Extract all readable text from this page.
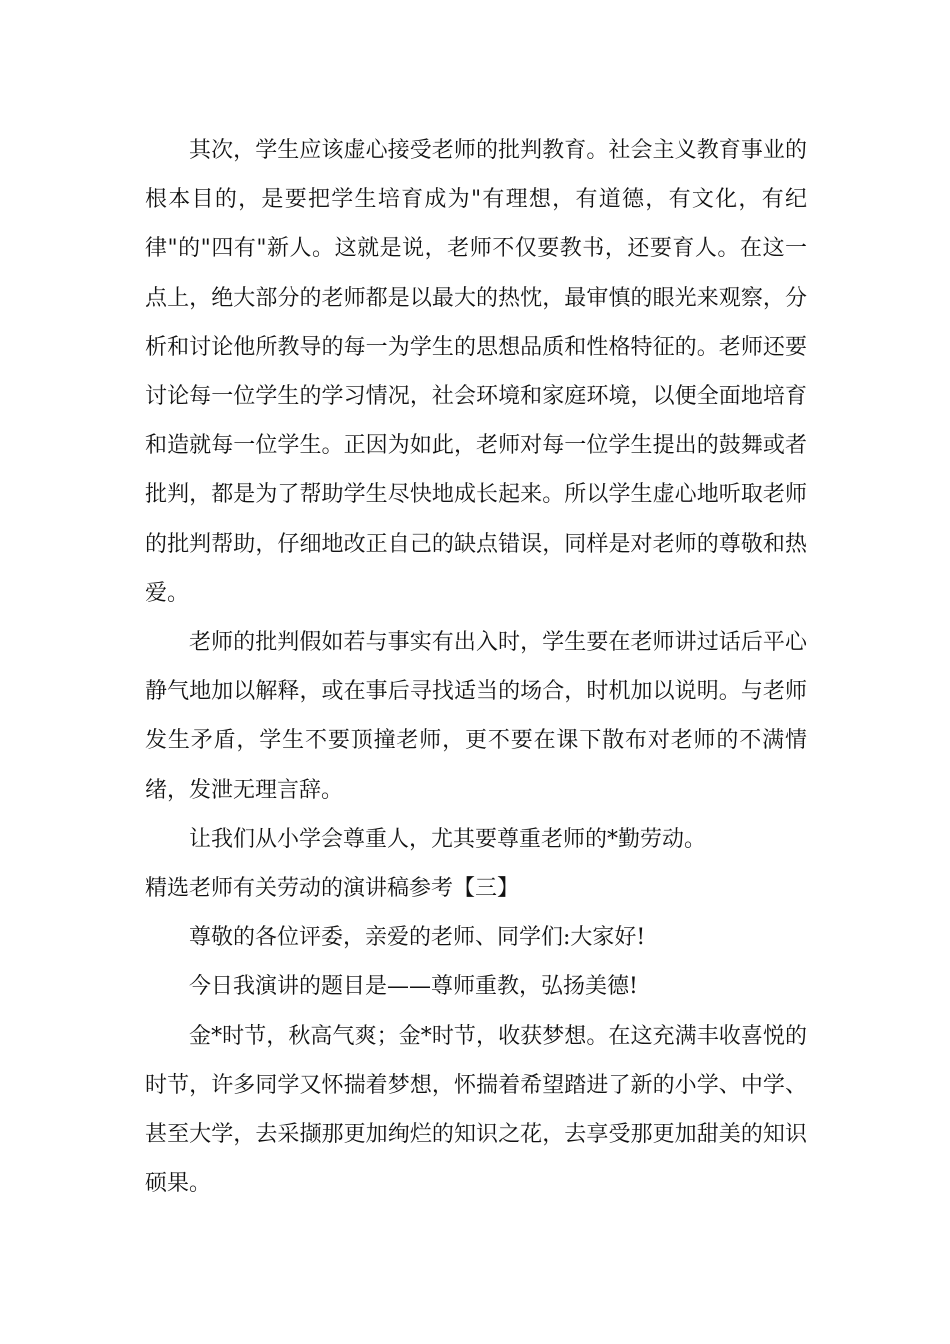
其次，学生应该虚心接受老师的批判教育。社会主义教育事业的根本目的，是要把学生培育成为"有理想，有道德，有文化，有纪律"的"四有"新人。这就是说，老师不仅要教书，还要育人。在这一点上，绝大部分的老师都是以最大的热忱，最审慎的眼光来观察，分析和讨论他所教导的每一为学生的思想品质和性格特征的。老师还要讨论每一位学生的学习情况，社会环境和家庭环境，以便全面地培育和造就每一位学生。正因为如此，老师对每一位学生提出的鼓舞或者批判，都是为了帮助学生尽快地成长起来。所以学生虚心地听取老师的批判帮助，仔细地改正自己的缺点错误，同样是对老师的尊敬和热爱。

老师的批判假如若与事实有出入时，学生要在老师讲过话后平心静气地加以解释，或在事后寻找适当的场合，时机加以说明。与老师发生矛盾，学生不要顶撞老师，更不要在课下散布对老师的不满情绪，发泄无理言辞。

让我们从小学会尊重人，尤其要尊重老师的*勤劳动。

精选老师有关劳动的演讲稿参考【三】

尊敬的各位评委，亲爱的老师、同学们:大家好!

今日我演讲的题目是——尊师重教，弘扬美德!

金*时节，秋高气爽；金*时节，收获梦想。在这充满丰收喜悦的时节，许多同学又怀揣着梦想，怀揣着希望踏进了新的小学、中学、甚至大学，去采撷那更加绚烂的知识之花，去享受那更加甜美的知识硕果。
